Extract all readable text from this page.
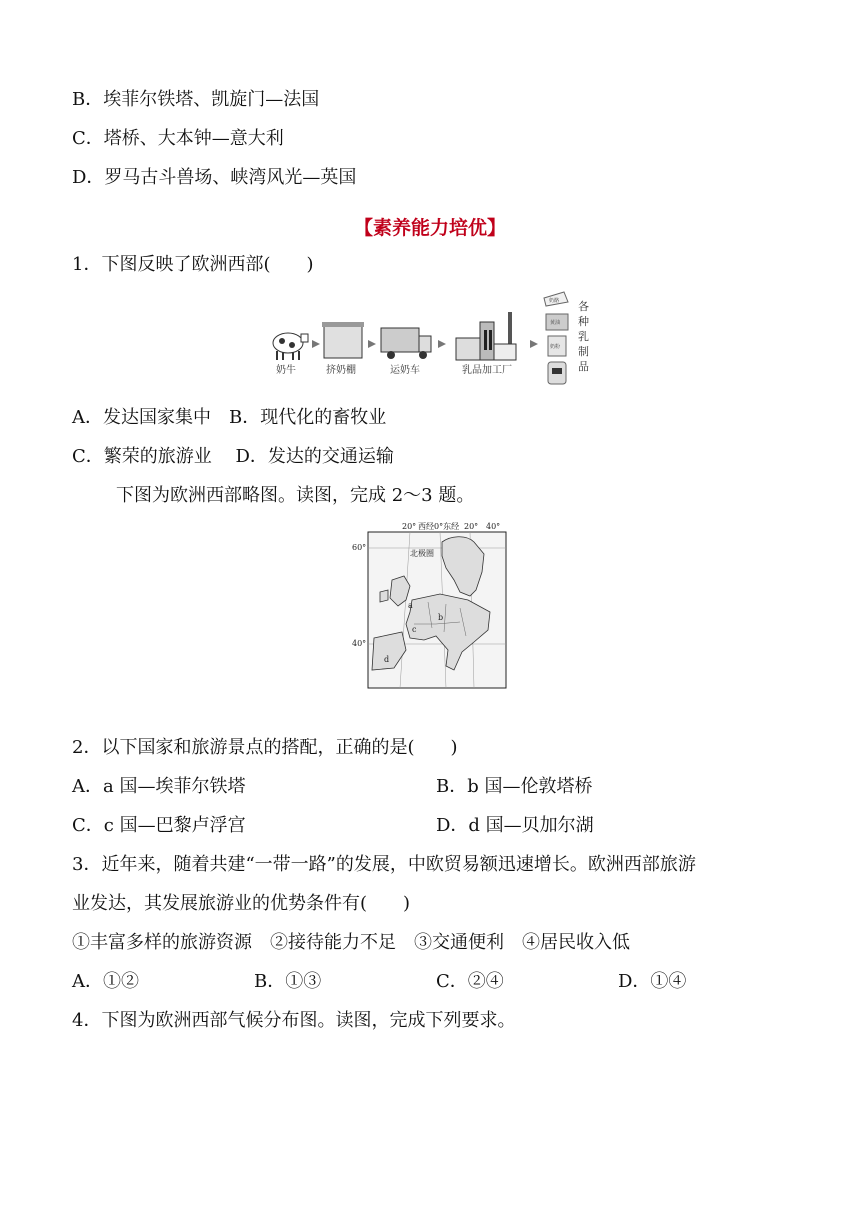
B．埃菲尔铁塔、凯旋门—法国
C．塔桥、大本钟—意大利
D．罗马古斗兽场、峡湾风光—英国
【素养能力培优】
1．下图反映了欧洲西部(　　)
奶牛	挤奶棚	运奶车	乳品加工厂
奶酪
黄油
奶粉
各
种
乳
制
品
A．发达国家集中　B．现代化的畜牧业
C．繁荣的旅游业　 D．发达的交通运输
下图为欧洲西部略图。读图，完成 2～3 题。
20° 西经0°东经 20° 40°
60°
40°
北极圈
a
b
c
d
2．以下国家和旅游景点的搭配，正确的是(　　)
A．a 国—埃菲尔铁塔	B．b 国—伦敦塔桥
C．c 国—巴黎卢浮宫	D．d 国—贝加尔湖
3．近年来，随着共建“一带一路”的发展，中欧贸易额迅速增长。欧洲西部旅游
业发达，其发展旅游业的优势条件有(　　)
①丰富多样的旅游资源　②接待能力不足　③交通便利　④居民收入低
A．①②	B．①③	C．②④	D．①④
4．下图为欧洲西部气候分布图。读图，完成下列要求。
